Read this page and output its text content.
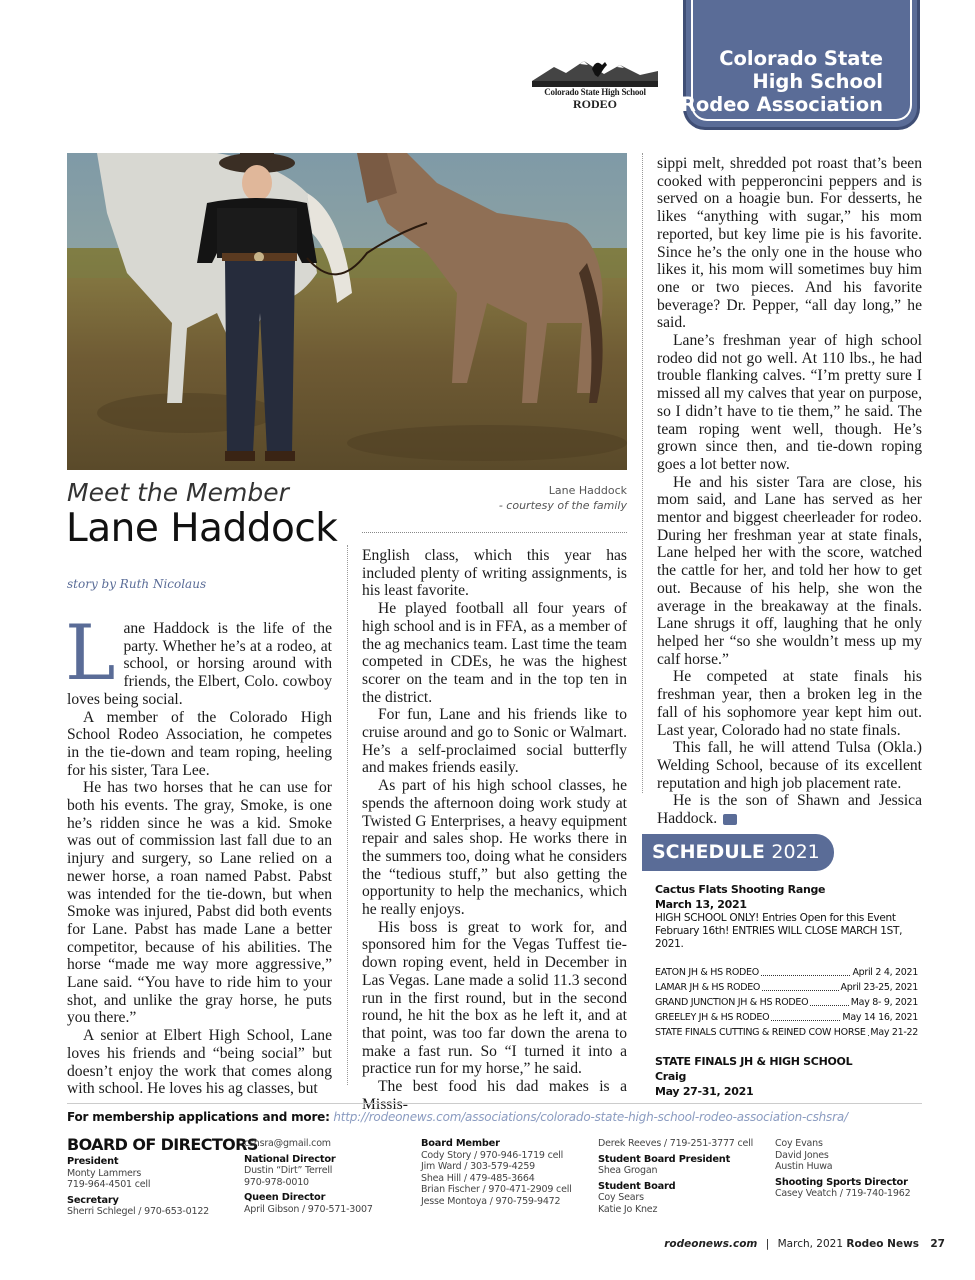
Colorado State
High School
Rodeo Association
Colorado State High School
RODEO
Lane Haddock
- courtesy of the family
Meet the Member
Lane Haddock
story by Ruth Nicolaus

Lane Haddock is the life of the party. Whether he’s at a rodeo, at school, or horsing around with friends, the Elbert, Colo. cowboy loves being social.

A member of the Colorado High School Rodeo Association, he competes in the tie-down and team roping, heeling for his sister, Tara Lee.

He has two horses that he can use for both his events. The gray, Smoke, is one he’s ridden since he was a kid. Smoke was out of commission last fall due to an injury and surgery, so Lane relied on a newer horse, a roan named Pabst. Pabst was intended for the tie-down, but when Smoke was injured, Pabst did both events for Lane. Pabst has made Lane a better competitor, because of his abilities. The horse “made me way more aggressive,” Lane said. “You have to ride him to your shot, and unlike the gray horse, he puts you there.”

A senior at Elbert High School, Lane loves his friends and “being social” but doesn’t enjoy the work that comes along with school. He loves his ag classes, but

English class, which this year has included plenty of writing assignments, is his least favorite.

He played football all four years of high school and is in FFA, as a member of the ag mechanics team. Last time the team competed in CDEs, he was the highest scorer on the team and in the top ten in the district.

For fun, Lane and his friends like to cruise around and go to Sonic or Walmart. He’s a self-proclaimed social butterfly and makes friends easily.

As part of his high school classes, he spends the afternoon doing work study at Twisted G Enterprises, a heavy equipment repair and sales shop. He works there in the summers too, doing what he considers the “tedious stuff,” but also getting the opportunity to help the mechanics, which he really enjoys.

His boss is great to work for, and sponsored him for the Vegas Tuffest tie-down roping event, held in December in Las Vegas. Lane made a solid 11.3 second run in the first round, but in the second round, he hit the box as he left it, and at that point, was too far down the arena to make a fast run. So “I turned it into a practice run for my horse,” he said.

The best food his dad makes is a Missis-

sippi melt, shredded pot roast that’s been cooked with pepperoncini peppers and is served on a hoagie bun. For desserts, he likes “anything with sugar,” his mom reported, but key lime pie is his favorite. Since he’s the only one in the house who likes it, his mom will sometimes buy him one or two pieces. And his favorite beverage? Dr. Pepper, “all day long,” he said.

Lane’s freshman year of high school rodeo did not go well. At 110 lbs., he had trouble flanking calves. “I’m pretty sure I missed all my calves that year on purpose, so I didn’t have to tie them,” he said. The team roping went well, though. He’s grown since then, and tie-down roping goes a lot better now.

He and his sister Tara are close, his mom said, and Lane has served as her mentor and biggest cheerleader for rodeo. During her freshman year at state finals, Lane helped her with the score, watched the cattle for her, and told her how to get out. Because of his help, she won the average in the breakaway at the finals. Lane shrugs it off, laughing that he only helped her “so she wouldn’t mess up my calf horse.”

He competed at state finals his freshman year, then a broken leg in the fall of his sophomore year kept him out. Last year, Colorado had no state finals.

This fall, he will attend Tulsa (Okla.) Welding School, because of its excellent reputation and high job placement rate.

He is the son of Shawn and Jessica Haddock.

SCHEDULE 2021
Cactus Flats Shooting Range
March 13, 2021
HIGH SCHOOL ONLY! Entries Open for this Event February 16th! ENTRIES WILL CLOSE MARCH 1ST, 2021.
EATON JH & HS RODEO	April 2 4, 2021
LAMAR JH & HS RODEO	April 23-25, 2021
GRAND JUNCTION JH & HS RODEO	May 8- 9, 2021
GREELEY JH & HS RODEO	May 14 16, 2021
STATE FINALS CUTTING & REINED COW HORSE May 21-22
STATE FINALS JH & HIGH SCHOOL
Craig
May 27-31, 2021
For membership applications and more: http://rodeonews.com/associations/colorado-state-high-school-rodeo-association-cshsra/
BOARD OF DIRECTORS
President
Monty Lammers
719-964-4501 cell
Secretary
Sherri Schlegel / 970-653-0122
cshsra@gmail.com
National Director
Dustin “Dirt” Terrell
970-978-0010
Queen Director
April Gibson / 970-571-3007
Board Member
Cody Story / 970-946-1719 cell
Jim Ward / 303-579-4259
Shea Hill / 479-485-3664
Brian Fischer / 970-471-2909 cell
Jesse Montoya / 970-759-9472
Derek Reeves / 719-251-3777 cell
Student Board President
Shea Grogan
Student Board
Coy Sears
Katie Jo Knez
Coy Evans
David Jones
Austin Huwa
Shooting Sports Director
Casey Veatch / 719-740-1962
rodeonews.com | March, 2021 Rodeo News 27
